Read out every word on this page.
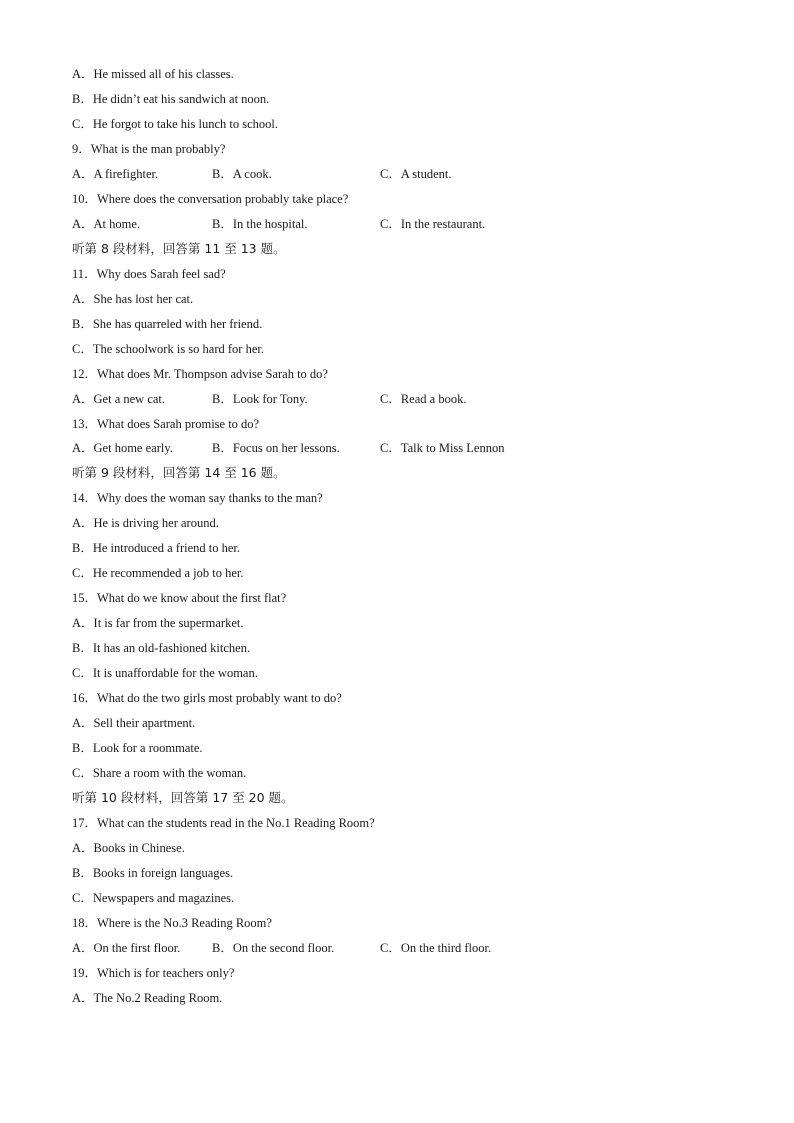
A．He missed all of his classes.
B．He didn’t eat his sandwich at noon.
C．He forgot to take his lunch to school.
9．What is the man probably?
A．A firefighter.	B．A cook.	C．A student.
10．Where does the conversation probably take place?
A．At home.	B．In the hospital.	C．In the restaurant.
听第 8 段材料，回答第 11 至 13 题。
11．Why does Sarah feel sad?
A．She has lost her cat.
B．She has quarreled with her friend.
C．The schoolwork is so hard for her.
12．What does Mr. Thompson advise Sarah to do?
A．Get a new cat.	B．Look for Tony.	C．Read a book.
13．What does Sarah promise to do?
A．Get home early.	B．Focus on her lessons.	C．Talk to Miss Lennon
听第 9 段材料，回答第 14 至 16 题。
14．Why does the woman say thanks to the man?
A．He is driving her around.
B．He introduced a friend to her.
C．He recommended a job to her.
15．What do we know about the first flat?
A．It is far from the supermarket.
B．It has an old-fashioned kitchen.
C．It is unaffordable for the woman.
16．What do the two girls most probably want to do?
A．Sell their apartment.
B．Look for a roommate.
C．Share a room with the woman.
听第 10 段材料，回答第 17 至 20 题。
17．What can the students read in the No.1 Reading Room?
A．Books in Chinese.
B．Books in foreign languages.
C．Newspapers and magazines.
18．Where is the No.3 Reading Room?
A．On the first floor.	B．On the second floor.	C．On the third floor.
19．Which is for teachers only?
A．The No.2 Reading Room.
